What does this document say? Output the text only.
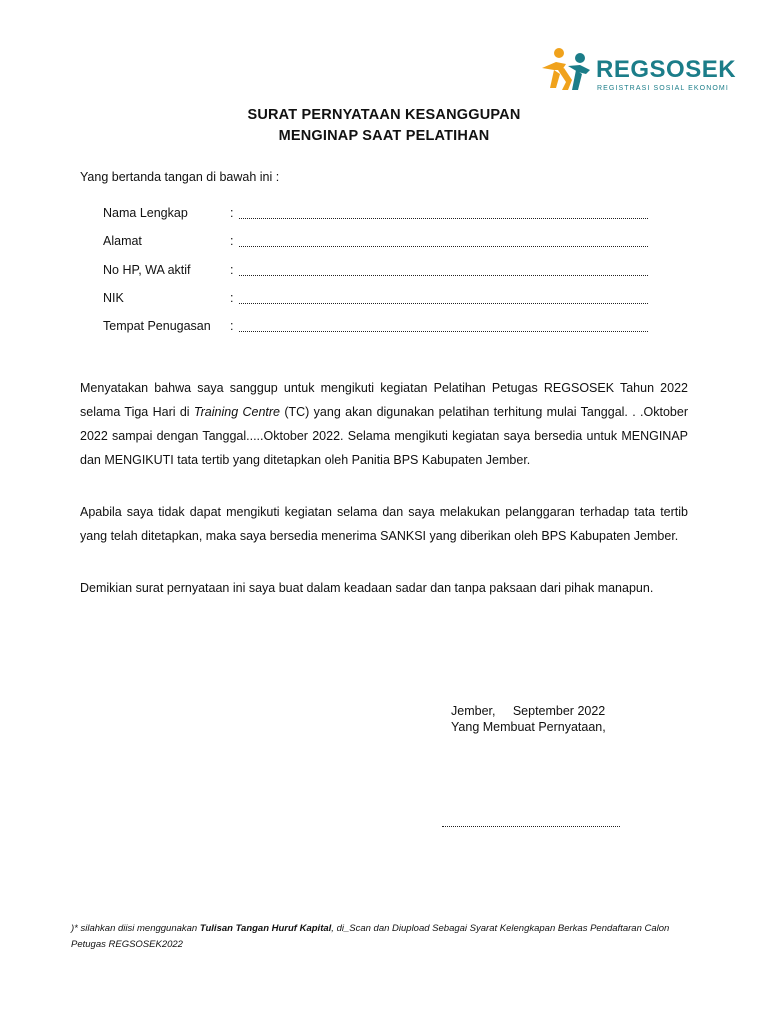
REGSOSEK
REGISTRASI SOSIAL EKONOMI
SURAT PERNYATAAN KESANGGUPAN
MENGINAP SAAT PELATIHAN
Yang bertanda tangan di bawah ini :
Nama Lengkap	:
Alamat	:
No HP, WA aktif	:
NIK	:
Tempat Penugasan :
Menyatakan bahwa saya sanggup untuk mengikuti kegiatan Pelatihan Petugas REGSOSEK Tahun 2022 selama Tiga Hari di Training Centre (TC) yang akan digunakan pelatihan terhitung mulai Tanggal. . .Oktober 2022 sampai dengan Tanggal.....Oktober 2022. Selama mengikuti kegiatan saya bersedia untuk MENGINAP dan MENGIKUTI tata tertib yang ditetapkan oleh Panitia BPS Kabupaten Jember.
Apabila saya tidak dapat mengikuti kegiatan selama dan saya melakukan pelanggaran terhadap tata tertib yang telah ditetapkan, maka saya bersedia menerima SANKSI yang diberikan oleh BPS Kabupaten Jember.
Demikian surat pernyataan ini saya buat dalam keadaan sadar dan tanpa paksaan dari pihak manapun.
Jember,     September 2022
Yang Membuat Pernyataan,
)* silahkan diisi menggunakan Tulisan Tangan Huruf Kapital, di_Scan dan Diupload Sebagai Syarat Kelengkapan Berkas Pendaftaran Calon Petugas REGSOSEK2022
